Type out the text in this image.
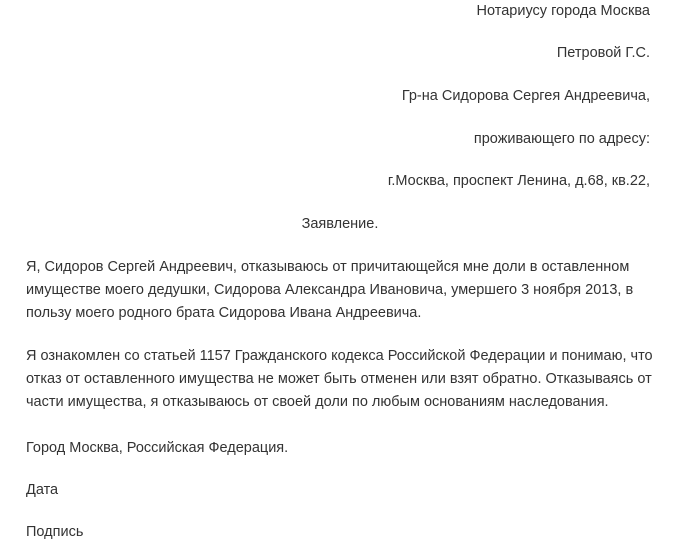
Нотариусу города Москва
Петровой Г.С.
Гр-на Сидорова Сергея Андреевича,
проживающего по адресу:
г.Москва, проспект Ленина, д.68, кв.22,
Заявление.
Я, Сидоров Сергей Андреевич, отказываюсь от причитающейся мне доли в оставленном
имуществе моего дедушки, Сидорова Александра Ивановича, умершего 3 ноября 2013, в
пользу моего родного брата Сидорова Ивана Андреевича.
Я ознакомлен со статьей 1157 Гражданского кодекса Российской Федерации и понимаю, что
отказ от оставленного имущества не может быть отменен или взят обратно. Отказываясь от
части имущества, я отказываюсь от своей доли по любым основаниям наследования.
Город Москва, Российская Федерация.
Дата
Подпись
